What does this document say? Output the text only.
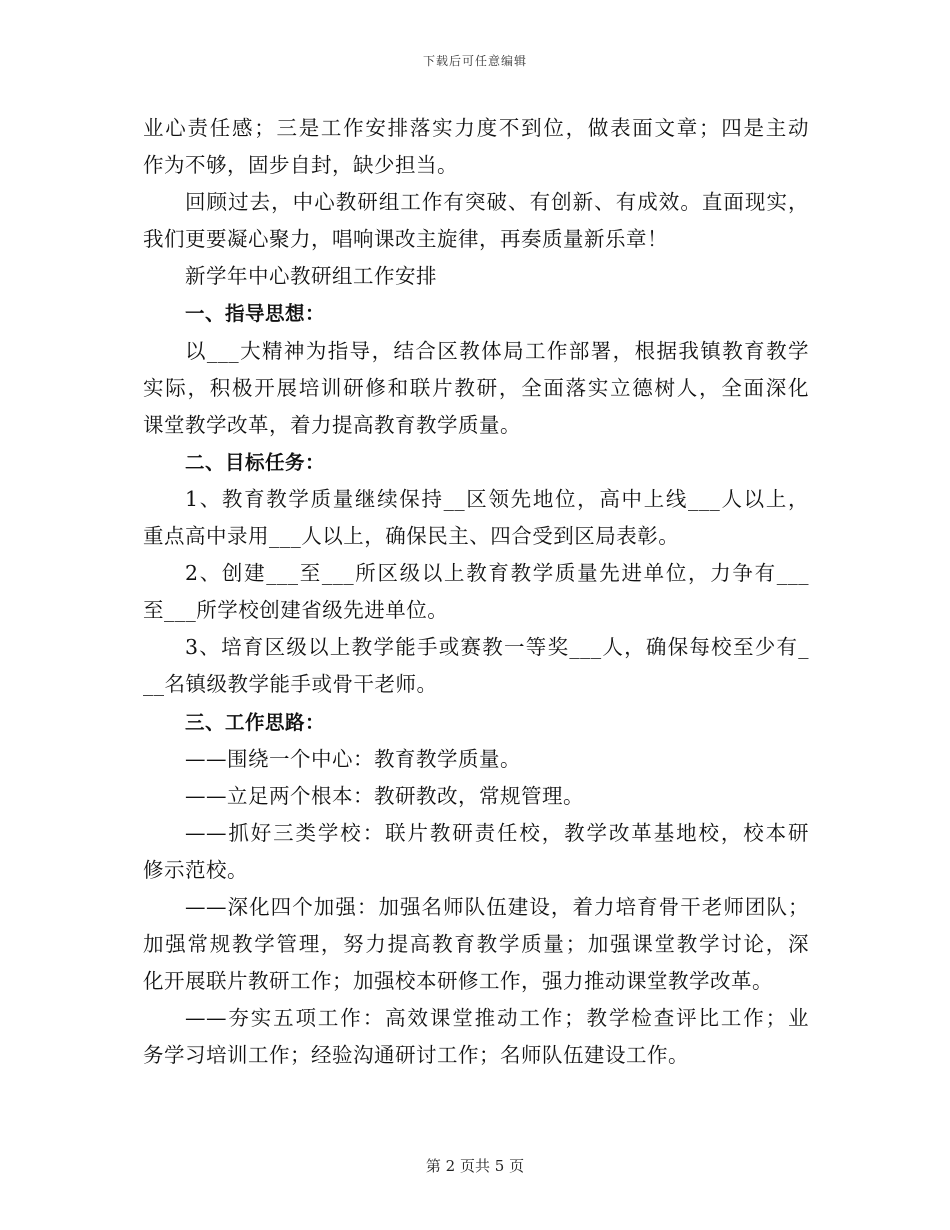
下载后可任意编辑
业心责任感；三是工作安排落实力度不到位，做表面文章；四是主动
作为不够，固步自封，缺少担当。
回顾过去，中心教研组工作有突破、有创新、有成效。直面现实，
我们更要凝心聚力，唱响课改主旋律，再奏质量新乐章！
新学年中心教研组工作安排
一、指导思想：
以___大精神为指导，结合区教体局工作部署，根据我镇教育教学
实际，积极开展培训研修和联片教研，全面落实立德树人，全面深化
课堂教学改革，着力提高教育教学质量。
二、目标任务：
1、教育教学质量继续保持__区领先地位，高中上线___人以上，
重点高中录用___人以上，确保民主、四合受到区局表彰。
2、创建___至___所区级以上教育教学质量先进单位，力争有___
至___所学校创建省级先进单位。
3、培育区级以上教学能手或赛教一等奖___人，确保每校至少有_
__名镇级教学能手或骨干老师。
三、工作思路：
——围绕一个中心：教育教学质量。
——立足两个根本：教研教改，常规管理。
——抓好三类学校：联片教研责任校，教学改革基地校，校本研
修示范校。
——深化四个加强：加强名师队伍建设，着力培育骨干老师团队；
加强常规教学管理，努力提高教育教学质量；加强课堂教学讨论，深
化开展联片教研工作；加强校本研修工作，强力推动课堂教学改革。
——夯实五项工作：高效课堂推动工作；教学检查评比工作；业
务学习培训工作；经验沟通研讨工作；名师队伍建设工作。
第 2 页共 5 页
